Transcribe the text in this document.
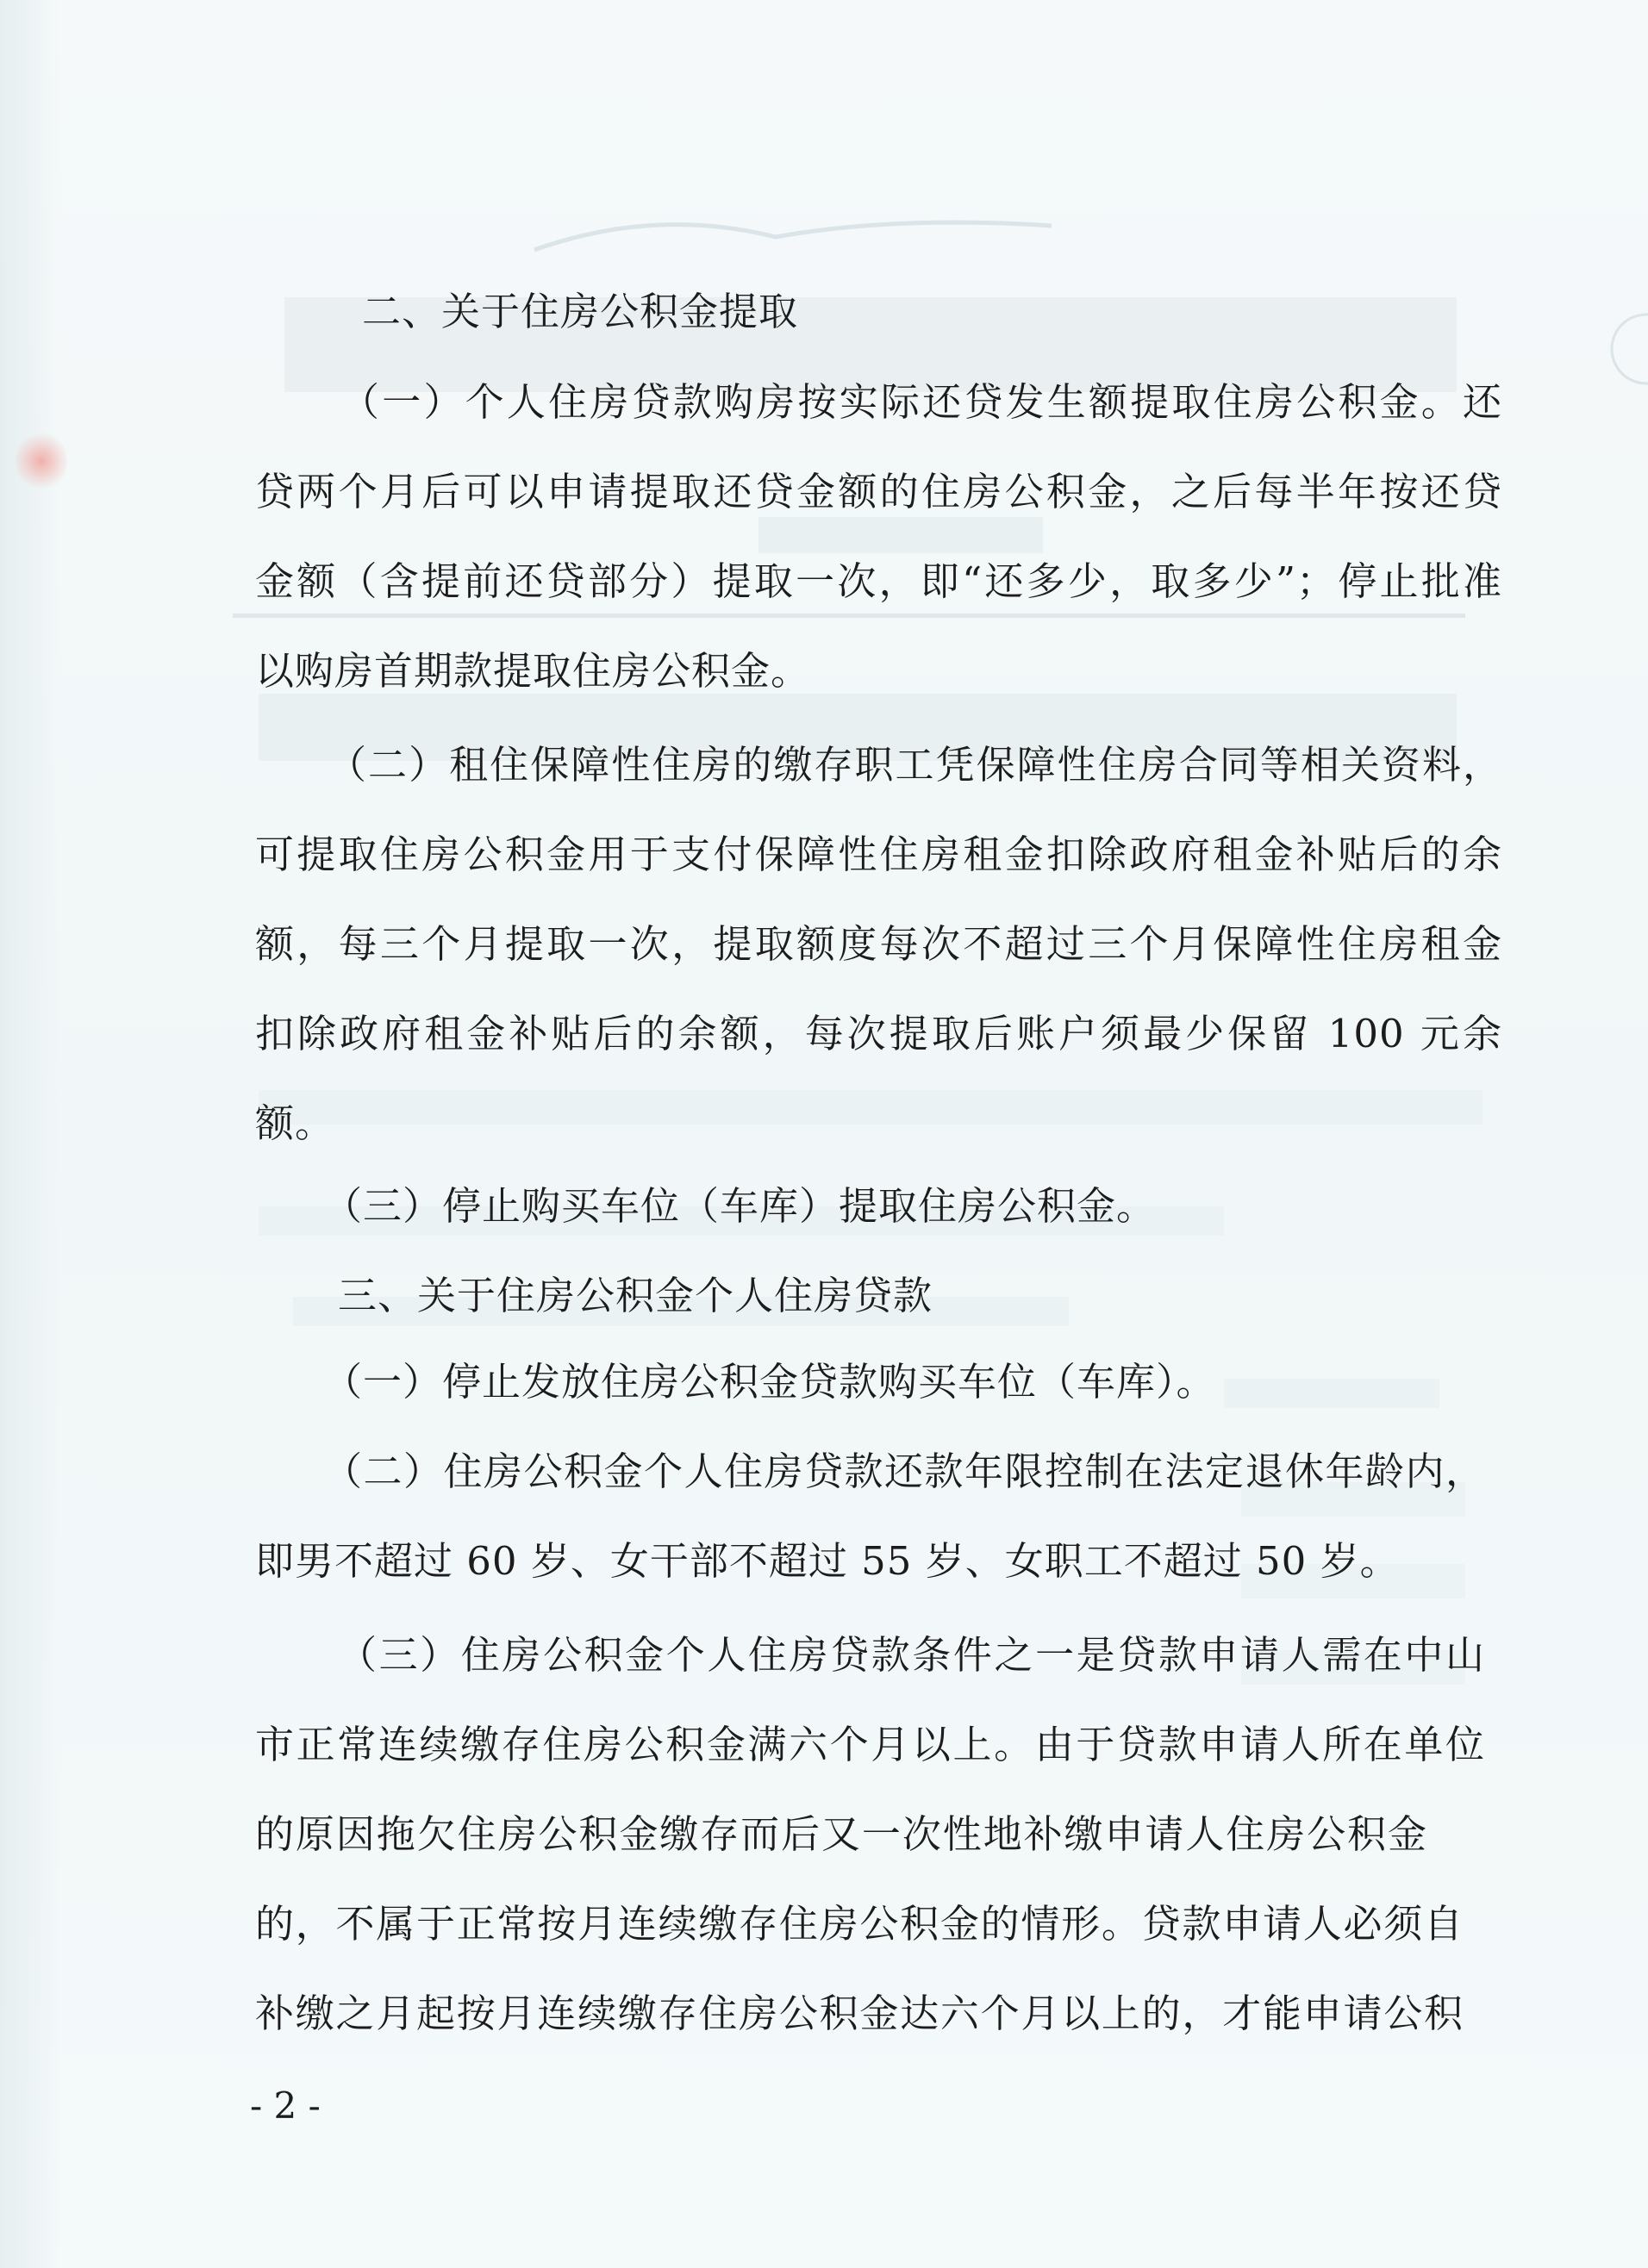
二、关于住房公积金提取

（一）个人住房贷款购房按实际还贷发生额提取住房公积金。还

贷两个月后可以申请提取还贷金额的住房公积金，之后每半年按还贷

金额（含提前还贷部分）提取一次，即“还多少，取多少”；停止批准

以购房首期款提取住房公积金。

（二）租住保障性住房的缴存职工凭保障性住房合同等相关资料，

可提取住房公积金用于支付保障性住房租金扣除政府租金补贴后的余

额，每三个月提取一次，提取额度每次不超过三个月保障性住房租金

扣除政府租金补贴后的余额，每次提取后账户须最少保留 100 元余

额。

（三）停止购买车位（车库）提取住房公积金。

三、关于住房公积金个人住房贷款

（一）停止发放住房公积金贷款购买车位（车库）。

（二）住房公积金个人住房贷款还款年限控制在法定退休年龄内，

即男不超过 60 岁、女干部不超过 55 岁、女职工不超过 50 岁。

（三）住房公积金个人住房贷款条件之一是贷款申请人需在中山

市正常连续缴存住房公积金满六个月以上。由于贷款申请人所在单位

的原因拖欠住房公积金缴存而后又一次性地补缴申请人住房公积金

的，不属于正常按月连续缴存住房公积金的情形。贷款申请人必须自

补缴之月起按月连续缴存住房公积金达六个月以上的，才能申请公积

- 2 -
